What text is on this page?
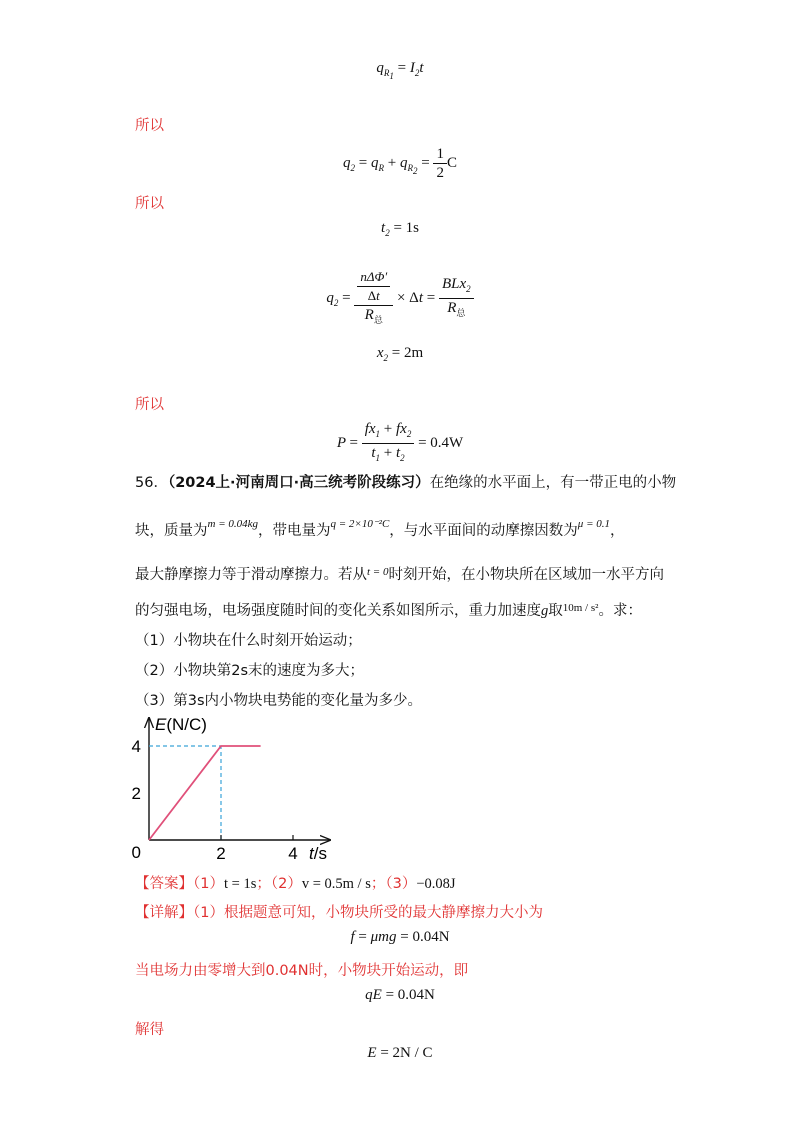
$q_{R_1} = I_2t$
所以
$q_2 = q_R + q_{R_2} = \frac{1}{2}$ C
所以
$t_2 = 1s$
$q_2 = \frac{\frac{\text{nΔΦ′}}{\Delta t}}{R_总} \times \Delta t = \frac{BLx_2}{R_总}$
$x_2 = 2m$
所以
$P = \frac{fx_1 + fx_2}{t_1 + t_2} = 0.4W$
56．（2024上·河南周口·高三统考阶段练习）在绝缘的水平面上，有一带正电的小物
块，质量为$^{m = 0.04kg}$，带电量为$^{q = 2\times 10^{-2}C}$，与水平面间的动摩擦因数为$^{\mu = 0.1}$，
最大静摩擦力等于滑动摩擦力。若从$^{t = 0}$时刻开始，在小物块所在区域加一水平方向
的匀强电场，电场强度随时间的变化关系如图所示，重力加速度g取$^{10m / s^2}$。求：
（1）小物块在什么时刻开始运动；
（2）小物块第2s末的速度为多大；
（3）第3s内小物块电势能的变化量为多少。
E(N/C)
t/s
2	4
0
2
4
【答案】（1）t = 1s；（2）v = 0.5m / s；（3）−0.08J
【详解】（1）根据题意可知，小物块所受的最大静摩擦力大小为
f = μmg = 0.04N
当电场力由零增大到0.04N时，小物块开始运动，即
qE = 0.04N
解得
E = 2N / C
